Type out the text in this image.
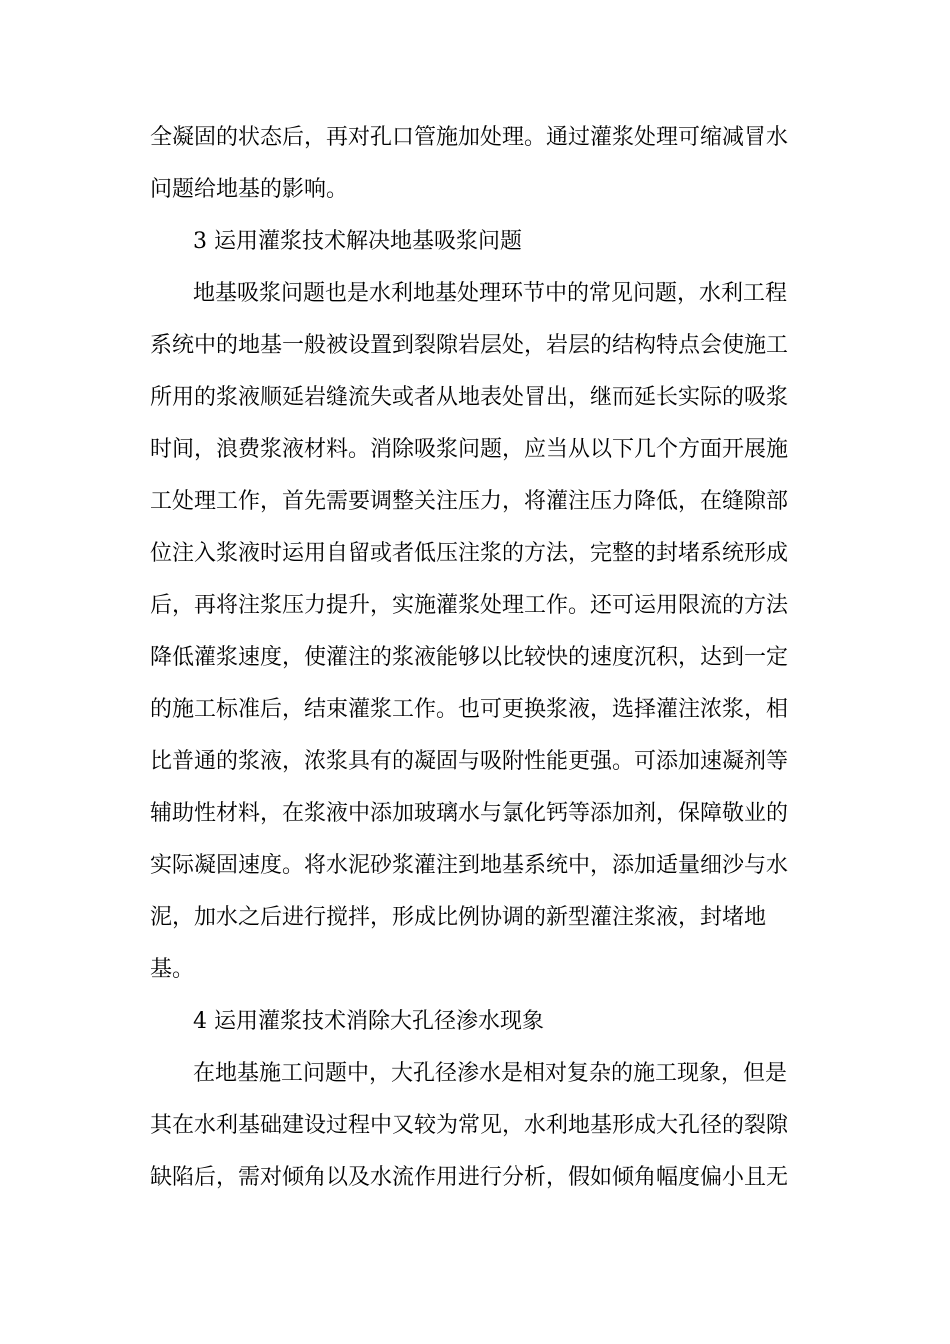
全凝固的状态后，再对孔口管施加处理。通过灌浆处理可缩减冒水
问题给地基的影响。
3 运用灌浆技术解决地基吸浆问题
地基吸浆问题也是水利地基处理环节中的常见问题，水利工程
系统中的地基一般被设置到裂隙岩层处，岩层的结构特点会使施工
所用的浆液顺延岩缝流失或者从地表处冒出，继而延长实际的吸浆
时间，浪费浆液材料。消除吸浆问题，应当从以下几个方面开展施
工处理工作，首先需要调整关注压力，将灌注压力降低，在缝隙部
位注入浆液时运用自留或者低压注浆的方法，完整的封堵系统形成
后，再将注浆压力提升，实施灌浆处理工作。还可运用限流的方法
降低灌浆速度，使灌注的浆液能够以比较快的速度沉积，达到一定
的施工标准后，结束灌浆工作。也可更换浆液，选择灌注浓浆，相
比普通的浆液，浓浆具有的凝固与吸附性能更强。可添加速凝剂等
辅助性材料，在浆液中添加玻璃水与氯化钙等添加剂，保障敬业的
实际凝固速度。将水泥砂浆灌注到地基系统中，添加适量细沙与水
泥，加水之后进行搅拌，形成比例协调的新型灌注浆液，封堵地
基。
4 运用灌浆技术消除大孔径渗水现象
在地基施工问题中，大孔径渗水是相对复杂的施工现象，但是
其在水利基础建设过程中又较为常见，水利地基形成大孔径的裂隙
缺陷后，需对倾角以及水流作用进行分析，假如倾角幅度偏小且无
